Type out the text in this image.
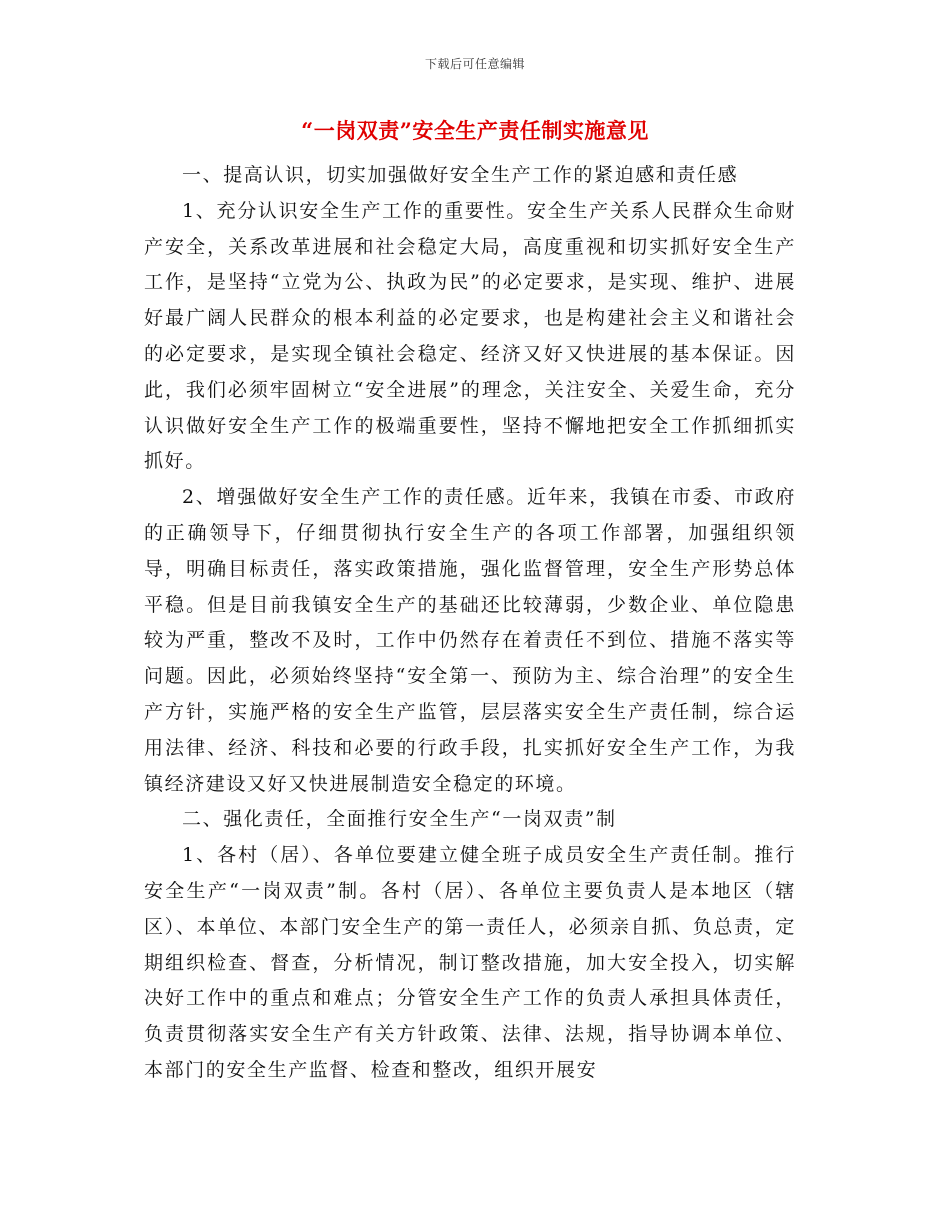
下载后可任意编辑
“一岗双责”安全生产责任制实施意见

一、提高认识，切实加强做好安全生产工作的紧迫感和责任感

1、充分认识安全生产工作的重要性。安全生产关系人民群众生命财产安全，关系改革进展和社会稳定大局，高度重视和切实抓好安全生产工作，是坚持“立党为公、执政为民”的必定要求，是实现、维护、进展好最广阔人民群众的根本利益的必定要求，也是构建社会主义和谐社会的必定要求，是实现全镇社会稳定、经济又好又快进展的基本保证。因此，我们必须牢固树立“安全进展”的理念，关注安全、关爱生命，充分认识做好安全生产工作的极端重要性，坚持不懈地把安全工作抓细抓实抓好。

2、增强做好安全生产工作的责任感。近年来，我镇在市委、市政府的正确领导下，仔细贯彻执行安全生产的各项工作部署，加强组织领导，明确目标责任，落实政策措施，强化监督管理，安全生产形势总体平稳。但是目前我镇安全生产的基础还比较薄弱，少数企业、单位隐患较为严重，整改不及时，工作中仍然存在着责任不到位、措施不落实等问题。因此，必须始终坚持“安全第一、预防为主、综合治理”的安全生产方针，实施严格的安全生产监管，层层落实安全生产责任制，综合运用法律、经济、科技和必要的行政手段，扎实抓好安全生产工作，为我镇经济建设又好又快进展制造安全稳定的环境。

二、强化责任，全面推行安全生产“一岗双责”制

1、各村（居）、各单位要建立健全班子成员安全生产责任制。推行安全生产“一岗双责”制。各村（居）、各单位主要负责人是本地区（辖区）、本单位、本部门安全生产的第一责任人，必须亲自抓、负总责，定期组织检查、督查，分析情况，制订整改措施，加大安全投入，切实解决好工作中的重点和难点；分管安全生产工作的负责人承担具体责任，负责贯彻落实安全生产有关方针政策、法律、法规，指导协调本单位、本部门的安全生产监督、检查和整改，组织开展安
